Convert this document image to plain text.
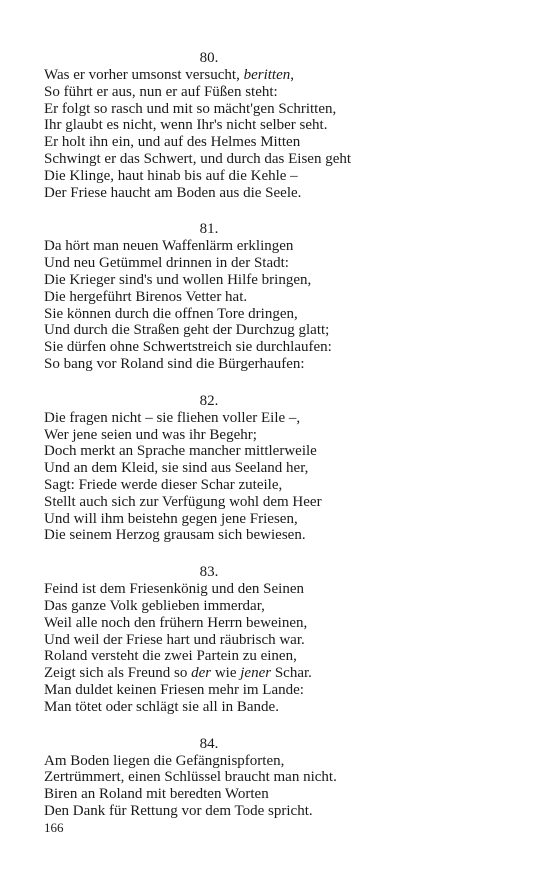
80.
Was er vorher umsonst versucht, beritten,
So führt er aus, nun er auf Füßen steht:
Er folgt so rasch und mit so mächt'gen Schritten,
Ihr glaubt es nicht, wenn Ihr's nicht selber seht.
Er holt ihn ein, und auf des Helmes Mitten
Schwingt er das Schwert, und durch das Eisen geht
Die Klinge, haut hinab bis auf die Kehle –
Der Friese haucht am Boden aus die Seele.
81.
Da hört man neuen Waffenlärm erklingen
Und neu Getümmel drinnen in der Stadt:
Die Krieger sind's und wollen Hilfe bringen,
Die hergeführt Birenos Vetter hat.
Sie können durch die offnen Tore dringen,
Und durch die Straßen geht der Durchzug glatt;
Sie dürfen ohne Schwertstreich sie durchlaufen:
So bang vor Roland sind die Bürgerhaufen:
82.
Die fragen nicht – sie fliehen voller Eile –,
Wer jene seien und was ihr Begehr;
Doch merkt an Sprache mancher mittlerweile
Und an dem Kleid, sie sind aus Seeland her,
Sagt: Friede werde dieser Schar zuteile,
Stellt auch sich zur Verfügung wohl dem Heer
Und will ihm beistehn gegen jene Friesen,
Die seinem Herzog grausam sich bewiesen.
83.
Feind ist dem Friesenkönig und den Seinen
Das ganze Volk geblieben immerdar,
Weil alle noch den frühern Herrn beweinen,
Und weil der Friese hart und räubrisch war.
Roland versteht die zwei Partein zu einen,
Zeigt sich als Freund so der wie jener Schar.
Man duldet keinen Friesen mehr im Lande:
Man tötet oder schlägt sie all in Bande.
84.
Am Boden liegen die Gefängnispforten,
Zertrümmert, einen Schlüssel braucht man nicht.
Biren an Roland mit beredten Worten
Den Dank für Rettung vor dem Tode spricht.
166
